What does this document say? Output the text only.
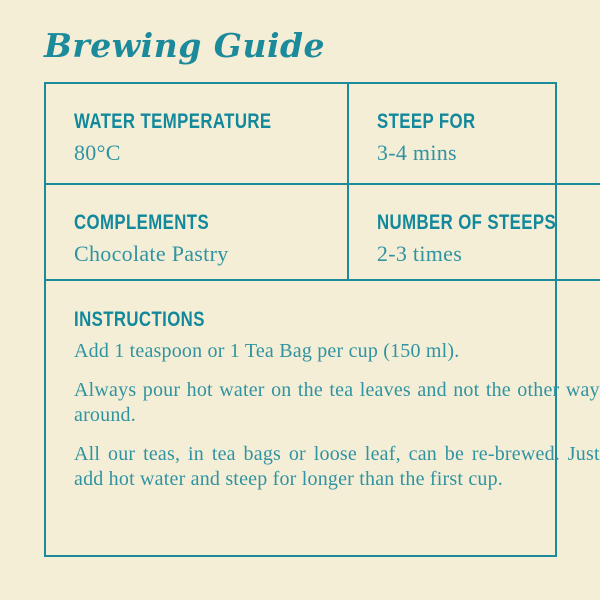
Brewing Guide
WATER TEMPERATURE
80°C
STEEP FOR
3-4 mins
COMPLEMENTS
Chocolate Pastry
NUMBER OF STEEPS
2-3 times
INSTRUCTIONS

Add 1 teaspoon or 1 Tea Bag per cup (150 ml).

Always pour hot water on the tea leaves and not the other way around.

All our teas, in tea bags or loose leaf, can be re-brewed. Just add hot water and steep for longer than the first cup.
